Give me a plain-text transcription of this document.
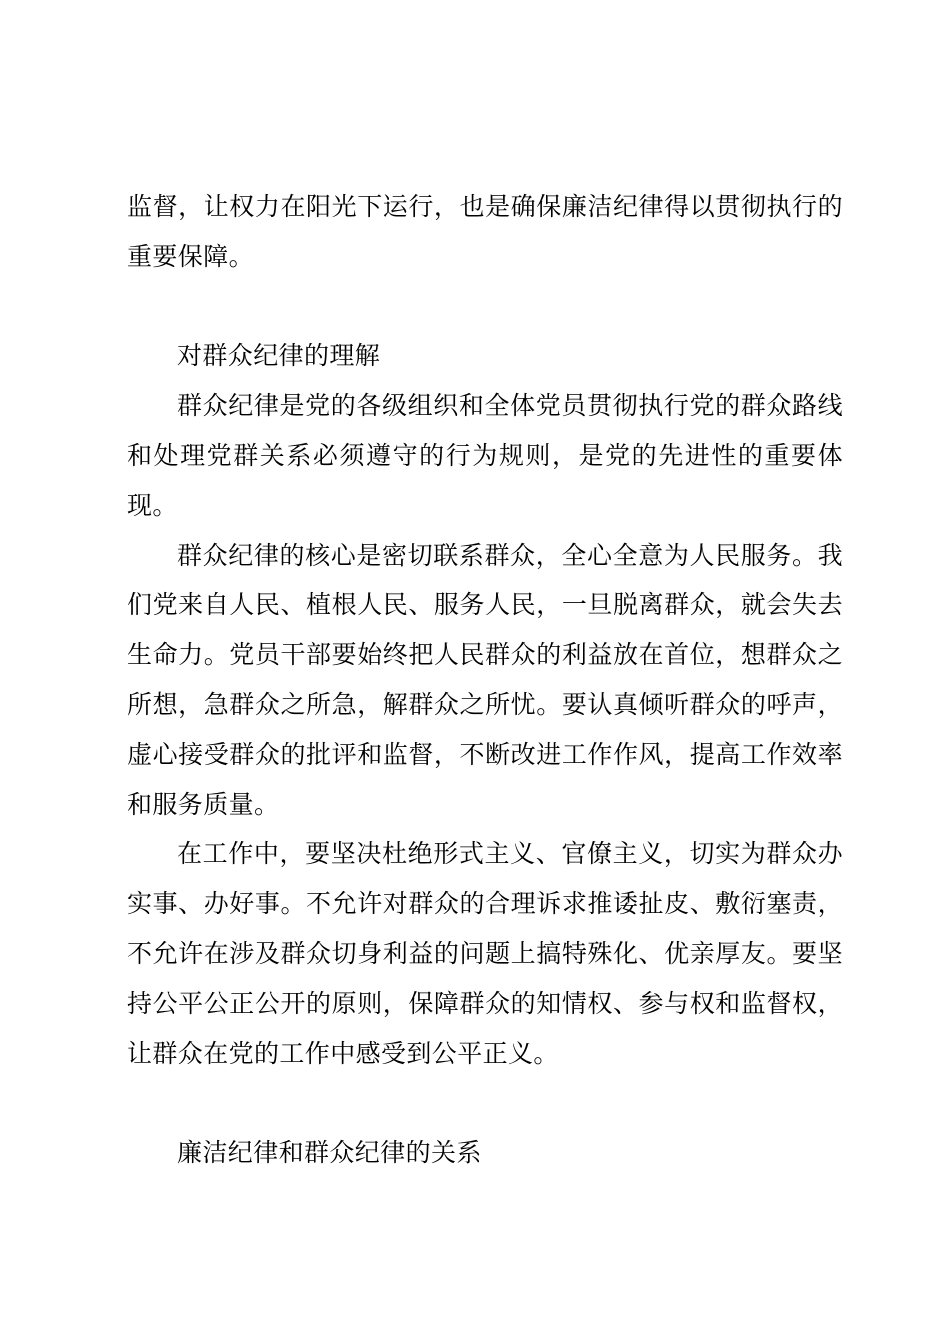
监督，让权力在阳光下运行，也是确保廉洁纪律得以贯彻执行的重要保障。

对群众纪律的理解

群众纪律是党的各级组织和全体党员贯彻执行党的群众路线和处理党群关系必须遵守的行为规则，是党的先进性的重要体现。

群众纪律的核心是密切联系群众，全心全意为人民服务。我们党来自人民、植根人民、服务人民，一旦脱离群众，就会失去生命力。党员干部要始终把人民群众的利益放在首位，想群众之所想，急群众之所急，解群众之所忧。要认真倾听群众的呼声，虚心接受群众的批评和监督，不断改进工作作风，提高工作效率和服务质量。

在工作中，要坚决杜绝形式主义、官僚主义，切实为群众办实事、办好事。不允许对群众的合理诉求推诿扯皮、敷衍塞责，不允许在涉及群众切身利益的问题上搞特殊化、优亲厚友。要坚持公平公正公开的原则，保障群众的知情权、参与权和监督权，让群众在党的工作中感受到公平正义。

廉洁纪律和群众纪律的关系
